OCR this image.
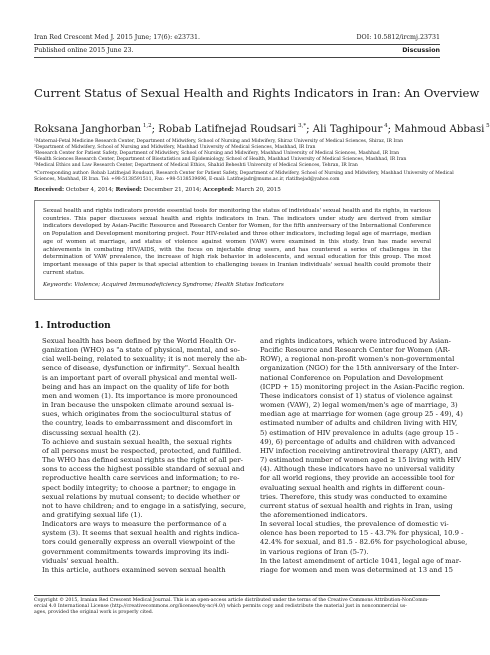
Iran Red Crescent Med J. 2015 June; 17(6): e23731.	DOI: 10.5812/ircmj.23731
Published online 2015 June 23.	Discussion
Current Status of Sexual Health and Rights Indicators in Iran: An Overview
Roksana Janghorban $^{1,2}$; Robab Latifnejad Roudsari $^{3,*}$; Ali Taghipour $^4$; Mahmoud Abbasi $^5$
¹Maternal-Fetal Medicine Research Center, Department of Midwifery, School of Nursing and Midwifery, Shiraz University of Medical Sciences, Shiraz, IR Iran
²Department of Midwifery, School of Nursing and Midwifery, Mashhad University of Medical Sciences, Mashhad, IR Iran
³Research Center for Patient Safety, Department of Midwifery, School of Nursing and Midwifery, Mashhad University of Medical Sciences, Mashhad, IR Iran
⁴Health Sciences Research Center, Department of Biostatistics and Epidemiology, School of Health, Mashhad University of Medical Sciences, Mashhad, IR Iran
⁵Medical Ethics and Law Research Center, Department of Medical Ethics, Shahid Beheshti University of Medical Sciences, Tehran, IR Iran
*Corresponding author: Robab Latifnejad Roudsari, Research Center for Patient Safety, Department of Midwifery, School of Nursing and Midwifery, Mashhad University of Medical
Sciences, Mashhad, IR Iran. Tel: +98-5138591511, Fax: +98-5138539696, E-mail: Latifnejadr@mums.ac.ir, rlatifnejad@yahoo.com
Received: October 4, 2014; Revised: December 21, 2014; Accepted: March 20, 2015
Sexual health and rights indicators provide essential tools for monitoring the status of individuals' sexual health and its rights, in various countries. This paper discusses sexual health and rights indicators in Iran. The indicators under study are derived from similar indicators developed by Asian-Pacific Resource and Research Center for Women, for the fifth anniversary of the International Conference on Population and Development monitoring project. Four HIV-related and three other indicators, including legal age of marriage, median age of women at marriage, and status of violence against women (VAW) were examined in this study. Iran has made several achievements in combating HIV/AIDS, with the focus on injectable drug users, and has countered a series of challenges in the determination of VAW prevalence, the increase of high risk behavior in adolescents, and sexual education for this group. The most important message of this paper is that special attention to challenging issues in Iranian individuals' sexual health could promote their current status.
Keywords: Violence; Acquired Immunodeficiency Syndrome; Health Status Indicators
1. Introduction

Sexual health has been defined by the World Health Or-
ganization (WHO) as "a state of physical, mental, and so-
cial well-being, related to sexuality; it is not merely the ab-
sence of disease, dysfunction or infirmity". Sexual health
is an important part of overall physical and mental well-
being and has an impact on the quality of life for both
men and women (1). Its importance is more pronounced
in Iran because the unspoken climate around sexual is-
sues, which originates from the sociocultural status of
the country, leads to embarrassment and discomfort in
discussing sexual health (2).

To achieve and sustain sexual health, the sexual rights
of all persons must be respected, protected, and fulfilled.
The WHO has defined sexual rights as the right of all per-
sons to access the highest possible standard of sexual and
reproductive health care services and information; to re-
spect bodily integrity; to choose a partner; to engage in
sexual relations by mutual consent; to decide whether or
not to have children; and to engage in a satisfying, secure,
and gratifying sexual life (1).

Indicators are ways to measure the performance of a
system (3). It seems that sexual health and rights indica-
tors could generally express an overall viewpoint of the
government commitments towards improving its indi-
viduals' sexual health.

In this article, authors examined seven sexual health

and rights indicators, which were introduced by Asian-
Pacific Resource and Research Center for Women (AR-
ROW), a regional non-profit women's non-governmental
organization (NGO) for the 15th anniversary of the Inter-
national Conference on Population and Development
(ICPD + 15) monitoring project in the Asian-Pacific region.
These indicators consist of 1) status of violence against
women (VAW), 2) legal women/men's age of marriage, 3)
median age at marriage for women (age group 25 - 49), 4)
estimated number of adults and children living with HIV,
5) estimation of HIV prevalence in adults (age group 15 -
49), 6) percentage of adults and children with advanced
HIV infection receiving antiretroviral therapy (ART), and
7) estimated number of women aged ≥ 15 living with HIV
(4). Although these indicators have no universal validity
for all world regions, they provide an accessible tool for
evaluating sexual health and rights in different coun-
tries. Therefore, this study was conducted to examine
current status of sexual health and rights in Iran, using
the aforementioned indicators.

In several local studies, the prevalence of domestic vi-
olence has been reported to 15 - 43.7% for physical, 10.9 -
42.4% for sexual, and 81.5 - 82.6% for psychological abuse,
in various regions of Iran (5-7).

In the latest amendment of article 1041, legal age of mar-
riage for women and men was determined at 13 and 15

Copyright © 2015, Iranian Red Crescent Medical Journal. This is an open-access article distributed under the terms of the Creative Commons Attribution-NonComm-
ercial 4.0 International License (http://creativecommons.org/licenses/by-nc/4.0/) which permits copy and redistribute the material just in noncommercial us-
ages, provided the original work is properly cited.
